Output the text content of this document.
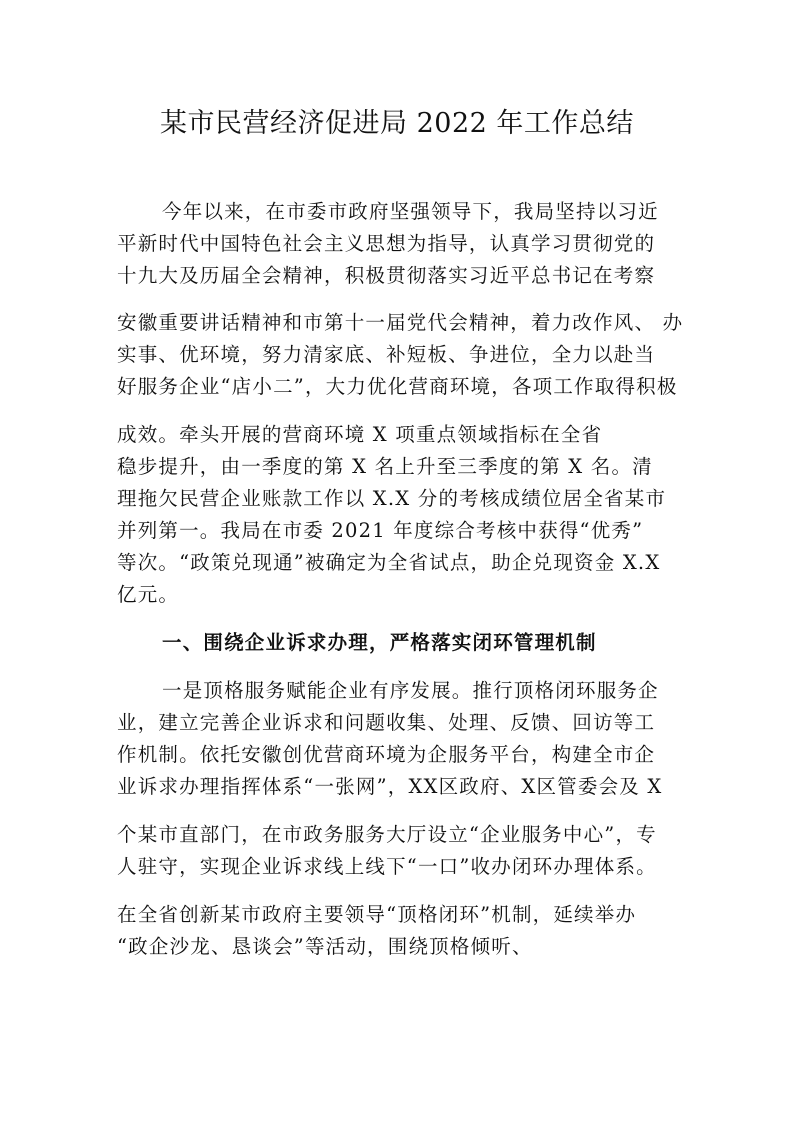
某市民营经济促进局 2022 年工作总结
今年以来，在市委市政府坚强领导下，我局坚持以习近
平新时代中国特色社会主义思想为指导，认真学习贯彻党的
十九大及历届全会精神，积极贯彻落实习近平总书记在考察
安徽重要讲话精神和市第十一届党代会精神，着力改作风、 办
实事、优环境，努力清家底、补短板、争进位，全力以赴当
好服务企业“店小二”，大力优化营商环境，各项工作取得积极
成效。牵头开展的营商环境 X 项重点领域指标在全省
稳步提升，由一季度的第 X 名上升至三季度的第 X 名。清
理拖欠民营企业账款工作以 X.X 分的考核成绩位居全省某市
并列第一。我局在市委 2021 年度综合考核中获得“优秀”
等次。“政策兑现通”被确定为全省试点，助企兑现资金 X.X
亿元。
一、围绕企业诉求办理，严格落实闭环管理机制
一是顶格服务赋能企业有序发展。推行顶格闭环服务企
业，建立完善企业诉求和问题收集、处理、反馈、回访等工
作机制。依托安徽创优营商环境为企服务平台，构建全市企
业诉求办理指挥体系“一张网”，XX区政府、X区管委会及 X
个某市直部门，在市政务服务大厅设立“企业服务中心”，专
人驻守，实现企业诉求线上线下“一口”收办闭环办理体系。
在全省创新某市政府主要领导“顶格闭环”机制，延续举办
“政企沙龙、恳谈会”等活动，围绕顶格倾听、
